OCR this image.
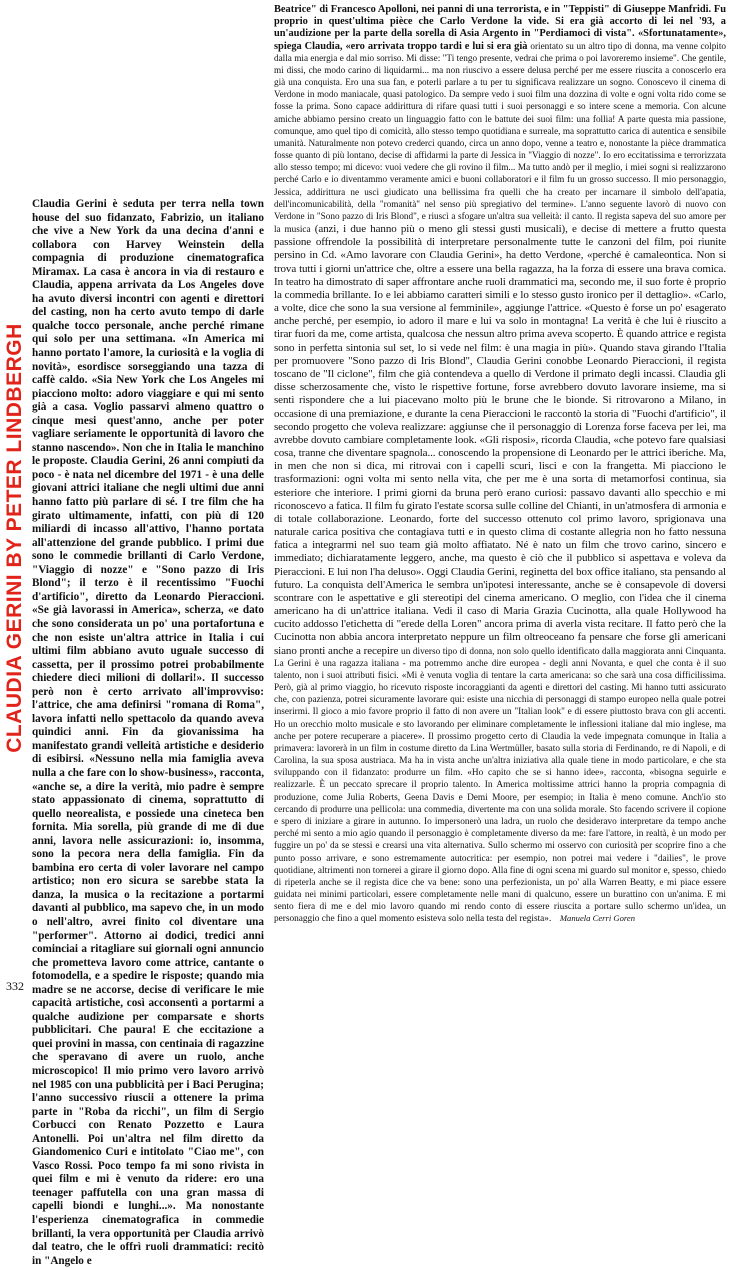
CLAUDIA GERINI BY PETER LINDBERGH
Claudia Gerini è seduta per terra nella town house del suo fidanzato, Fabrizio, un italiano che vive a New York da una decina d'anni e collabora con Harvey Weinstein della compagnia di produzione cinematografica Miramax. La casa è ancora in via di restauro e Claudia, appena arrivata da Los Angeles dove ha avuto diversi incontri con agenti e direttori del casting, non ha certo avuto tempo di darle qualche tocco personale, anche perché rimane qui solo per una settimana. «In America mi hanno portato l'amore, la curiosità e la voglia di novità», esordisce sorseggiando una tazza di caffè caldo. «Sia New York che Los Angeles mi piacciono molto: adoro viaggiare e qui mi sento già a casa. Voglio passarvi almeno quattro o cinque mesi quest'anno, anche per poter vagliare seriamente le opportunità di lavoro che stanno nascendo». Non che in Italia le manchino le proposte. Claudia Gerini, 26 anni compiuti da poco - è nata nel dicembre del 1971 - è una delle giovani attrici italiane che negli ultimi due anni hanno fatto più parlare di sé. I tre film che ha girato ultimamente, infatti, con più di 120 miliardi di incasso all'attivo, l'hanno portata all'attenzione del grande pubblico. I primi due sono le commedie brillanti di Carlo Verdone, "Viaggio di nozze" e "Sono pazzo di Iris Blond"; il terzo è il recentissimo "Fuochi d'artificio", diretto da Leonardo Pieraccioni. «Se già lavorassi in America», scherza, «e dato che sono considerata un po' una portafortuna e che non esiste un'altra attrice in Italia i cui ultimi film abbiano avuto uguale successo di cassetta, per il prossimo potrei probabilmente chiedere dieci milioni di dollari!». Il successo però non è certo arrivato all'improvviso: l'attrice, che ama definirsi "romana di Roma", lavora infatti nello spettacolo da quando aveva quindici anni. Fin da giovanissima ha manifestato grandi velleità artistiche e desiderio di esibirsi. «Nessuno nella mia famiglia aveva nulla a che fare con lo show-business», racconta, «anche se, a dire la verità, mio padre è sempre stato appassionato di cinema, soprattutto di quello neorealista, e possiede una cineteca ben fornita. Mia sorella, più grande di me di due anni, lavora nelle assicurazioni: io, insomma, sono la pecora nera della famiglia. Fin da bambina ero certa di voler lavorare nel campo artistico; non ero sicura se sarebbe stata la danza, la musica o la recitazione a portarmi davanti al pubblico, ma sapevo che, in un modo o nell'altro, avrei finito col diventare una "performer". Attorno ai dodici, tredici anni cominciai a ritagliare sui giornali ogni annuncio che prometteva lavoro come attrice, cantante o fotomodella, e a spedire le risposte; quando mia madre se ne accorse, decise di verificare le mie capacità artistiche, così acconsentì a portarmi a qualche audizione per comparsate e shorts pubblicitari. Che paura! E che eccitazione a quei provini in massa, con centinaia di ragazzine che speravano di avere un ruolo, anche microscopico! Il mio primo vero lavoro arrivò nel 1985 con una pubblicità per i Baci Perugina; l'anno successivo riuscii a ottenere la prima parte in "Roba da ricchi", un film di Sergio Corbucci con Renato Pozzetto e Laura Antonelli. Poi un'altra nel film diretto da Giandomenico Curi e intitolato "Ciao me", con Vasco Rossi. Poco tempo fa mi sono rivista in quei film e mi è venuto da ridere: ero una teenager paffutella con una gran massa di capelli biondi e lunghi...». Ma nonostante l'esperienza cinematografica in commedie brillanti, la vera opportunità per Claudia arrivò dal teatro, che le offrì ruoli drammatici: recitò in "Angelo e

Beatrice" di Francesco Apolloni, nei panni di una terrorista, e in "Teppisti" di Giuseppe Manfridi. Fu proprio in quest'ultima pièce che Carlo Verdone la vide. Si era già accorto di lei nel '93, a un'audizione per la parte della sorella di Asia Argento in "Perdiamoci di vista". «Sfortunatamente», spiega Claudia, «ero arrivata troppo tardi e lui si era già orientato su un altro tipo di donna, ma venne colpito dalla mia energia e dal mio sorriso. Mi disse: "Ti tengo presente, vedrai che prima o poi lavoreremo insieme". Che gentile, mi dissi, che modo carino di liquidarmi... ma non riuscivo a essere delusa perché per me essere riuscita a conoscerlo era già una conquista. Ero una sua fan, e poterli parlare a tu per tu significava realizzare un sogno. Conoscevo il cinema di Verdone in modo maniacale, quasi patologico. Da sempre vedo i suoi film una dozzina di volte e ogni volta rido come se fosse la prima. Sono capace addirittura di rifare quasi tutti i suoi personaggi e so intere scene a memoria. Con alcune amiche abbiamo persino creato un linguaggio fatto con le battute dei suoi film: una follia! A parte questa mia passione, comunque, amo quel tipo di comicità, allo stesso tempo quotidiana e surreale, ma soprattutto carica di autentica e sensibile umanità. Naturalmente non potevo crederci quando, circa un anno dopo, venne a teatro e, nonostante la pièce drammatica fosse quanto di più lontano, decise di affidarmi la parte di Jessica in "Viaggio di nozze". Io ero eccitatissima e terrorizzata allo stesso tempo; mi dicevo: vuoi vedere che gli rovino il film... Ma tutto andò per il meglio, i miei sogni si realizzarono perché Carlo e io diventammo veramente amici e buoni collaboratori e il film fu un grosso successo. Il mio personaggio, Jessica, addirittura ne uscì giudicato una bellissima fra quelli che ha creato per incarnare il simbolo dell'apatia, dell'incomunicabilità, della "romanità" nel senso più spregiativo del termine». L'anno seguente lavorò di nuovo con Verdone in "Sono pazzo di Iris Blond", e riuscì a sfogare un'altra sua velleità: il canto. Il regista sapeva del suo amore per la musica (anzi, i due hanno più o meno gli stessi gusti musicali), e decise di mettere a frutto questa passione offrendole la possibilità di interpretare personalmente tutte le canzoni del film, poi riunite persino in Cd. «Amo lavorare con Claudia Gerini», ha detto Verdone, «perché è camaleontica. Non si trova tutti i giorni un'attrice che, oltre a essere una bella ragazza, ha la forza di essere una brava comica. In teatro ha dimostrato di saper affrontare anche ruoli drammatici ma, secondo me, il suo forte è proprio la commedia brillante. Io e lei abbiamo caratteri simili e lo stesso gusto ironico per il dettaglio». «Carlo, a volte, dice che sono la sua versione al femminile», aggiunge l'attrice. «Questo è forse un po' esagerato anche perché, per esempio, io adoro il mare e lui va solo in montagna! La verità è che lui è riuscito a tirar fuori da me, come artista, qualcosa che nessun altro prima aveva scoperto. È quando attrice e regista sono in perfetta sintonia sul set, lo si vede nel film: è una magia in più». Quando stava girando l'Italia per promuovere "Sono pazzo di Iris Blond", Claudia Gerini conobbe Leonardo Pieraccioni, il regista toscano de "Il ciclone", film che già contendeva a quello di Verdone il primato degli incassi. Claudia gli disse scherzosamente che, visto le rispettive fortune, forse avrebbero dovuto lavorare insieme, ma si sentì rispondere che a lui piacevano molto più le brune che le bionde. Si ritrovarono a Milano, in occasione di una premiazione, e durante la cena Pieraccioni le raccontò la storia di "Fuochi d'artificio", il secondo progetto che voleva realizzare: aggiunse che il personaggio di Lorenza forse faceva per lei, ma avrebbe dovuto cambiare completamente look. «Gli risposi», ricorda Claudia, «che potevo fare qualsiasi cosa, tranne che diventare spagnola... conoscendo la propensione di Leonardo per le attrici iberiche. Ma, in men che non si dica, mi ritrovai con i capelli scuri, lisci e con la frangetta. Mi piacciono le trasformazioni: ogni volta mi sento nella vita, che per me è una sorta di metamorfosi continua, sia esteriore che interiore. I primi giorni da bruna però erano curiosi: passavo davanti allo specchio e mi riconoscevo a fatica. Il film fu girato l'estate scorsa sulle colline del Chianti, in un'atmosfera di armonia e di totale collaborazione. Leonardo, forte del successo ottenuto col primo lavoro, sprigionava una naturale carica positiva che contagiava tutti e in questo clima di costante allegria non ho fatto nessuna fatica a integrarmi nel suo team già molto affiatato. Né è nato un film che trovo carino, sincero e immediato; dichiaratamente leggero, anche, ma questo è ciò che il pubblico si aspettava e voleva da Pieraccioni. E lui non l'ha deluso». Oggi Claudia Gerini, reginetta del box office italiano, sta pensando al futuro. La conquista dell'America le sembra un'ipotesi interessante, anche se è consapevole di doversi scontrare con le aspettative e gli stereotipi del cinema americano. O meglio, con l'idea che il cinema americano ha di un'attrice italiana. Vedi il caso di Maria Grazia Cucinotta, alla quale Hollywood ha cucito addosso l'etichetta di "erede della Loren" ancora prima di averla vista recitare. Il fatto però che la Cucinotta non abbia ancora interpretato neppure un film oltreoceano fa pensare che forse gli americani siano pronti anche a recepire un diverso tipo di donna, non solo quello identificato dalla maggiorata anni Cinquanta. La Gerini è una ragazza italiana - ma potremmo anche dire europea - degli anni Novanta, e quel che conta è il suo talento, non i suoi attributi fisici. «Mi è venuta voglia di tentare la carta americana: so che sarà una cosa difficilissima. Però, già al primo viaggio, ho ricevuto risposte incoraggianti da agenti e direttori del casting. Mi hanno tutti assicurato che, con pazienza, potrei sicuramente lavorare qui: esiste una nicchia di personaggi di stampo europeo nella quale potrei inserirmi. Il gioco a mio favore proprio il fatto di non avere un "Italian look" e di essere piuttosto brava con gli accenti. Ho un orecchio molto musicale e sto lavorando per eliminare completamente le inflessioni italiane dal mio inglese, ma anche per potere recuperare a piacere». Il prossimo progetto certo di Claudia la vede impegnata comunque in Italia a primavera: lavorerà in un film in costume diretto da Lina Wertmüller, basato sulla storia di Ferdinando, re di Napoli, e di Carolina, la sua sposa austriaca. Ma ha in vista anche un'altra iniziativa alla quale tiene in modo particolare, e che sta sviluppando con il fidanzato: produrre un film. «Ho capito che se si hanno idee», racconta, «bisogna seguirle e realizzarle. È un peccato sprecare il proprio talento. In America moltissime attrici hanno la propria compagnia di produzione, come Julia Roberts, Geena Davis e Demi Moore, per esempio; in Italia è meno comune. Anch'io sto cercando di produrre una pellicola: una commedia, divertente ma con una solida morale. Sto facendo scrivere il copione e spero di iniziare a girare in autunno. Io impersonerò una ladra, un ruolo che desideravo interpretare da tempo anche perché mi sento a mio agio quando il personaggio è completamente diverso da me: fare l'attore, in realtà, è un modo per fuggire un po' da se stessi e crearsi una vita alternativa. Sullo schermo mi osservo con curiosità per scoprire fino a che punto posso arrivare, e sono estremamente autocritica: per esempio, non potrei mai vedere i "dailies", le prove quotidiane, altrimenti non tornerei a girare il giorno dopo. Alla fine di ogni scena mi guardo sul monitor e, spesso, chiedo di ripeterla anche se il regista dice che va bene: sono una perfezionista, un po' alla Warren Beatty, e mi piace essere guidata nei minimi particolari, essere completamente nelle mani di qualcuno, essere un burattino con un'anima. E mi sento fiera di me e del mio lavoro quando mi rendo conto di essere riuscita a portare sullo schermo un'idea, un personaggio che fino a quel momento esisteva solo nella testa del regista». Manuela Cerri Goren

332
